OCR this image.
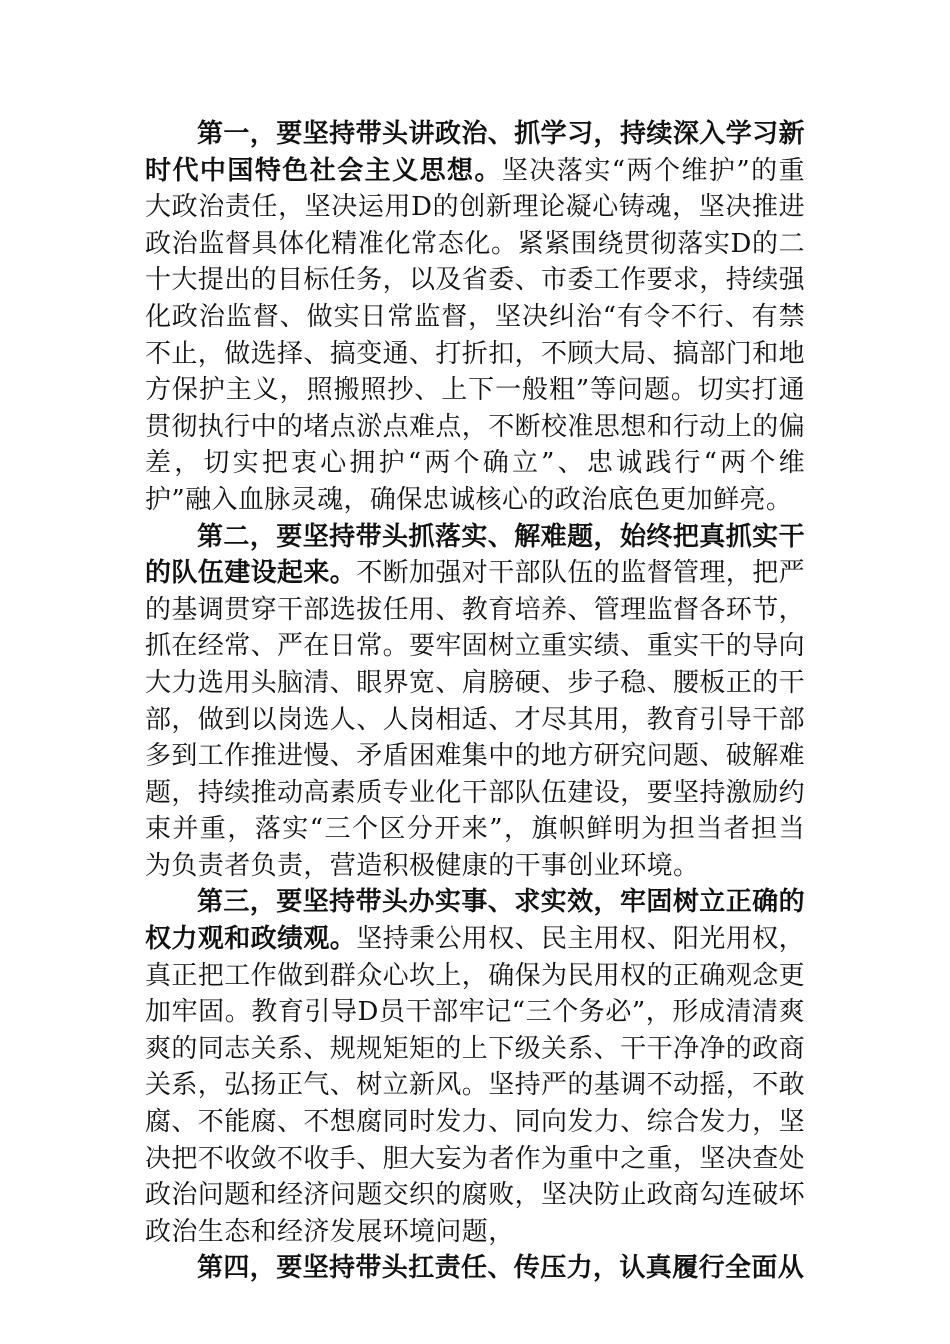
第一，要坚持带头讲政治、抓学习，持续深入学习新时代中国特色社会主义思想。坚决落实“两个维护”的重大政治责任，坚决运用D的创新理论凝心铸魂，坚决推进政治监督具体化精准化常态化。紧紧围绕贯彻落实D的二十大提出的目标任务，以及省委、市委工作要求，持续强化政治监督、做实日常监督，坚决纠治“有令不行、有禁不止，做选择、搞变通、打折扣，不顾大局、搞部门和地方保护主义，照搬照抄、上下一般粗”等问题。切实打通贯彻执行中的堵点淤点难点，不断校准思想和行动上的偏差，切实把衷心拥护“两个确立”、忠诚践行“两个维护”融入血脉灵魂，确保忠诚核心的政治底色更加鲜亮。

第二，要坚持带头抓落实、解难题，始终把真抓实干的队伍建设起来。不断加强对干部队伍的监督管理，把严的基调贯穿干部选拔任用、教育培养、管理监督各环节，抓在经常、严在日常。要牢固树立重实绩、重实干的导向大力选用头脑清、眼界宽、肩膀硬、步子稳、腰板正的干部，做到以岗选人、人岗相适、才尽其用，教育引导干部多到工作推进慢、矛盾困难集中的地方研究问题、破解难题，持续推动高素质专业化干部队伍建设，要坚持激励约束并重，落实“三个区分开来”，旗帜鲜明为担当者担当为负责者负责，营造积极健康的干事创业环境。

第三，要坚持带头办实事、求实效，牢固树立正确的权力观和政绩观。坚持秉公用权、民主用权、阳光用权，真正把工作做到群众心坎上，确保为民用权的正确观念更加牢固。教育引导D员干部牢记“三个务必”，形成清清爽爽的同志关系、规规矩矩的上下级关系、干干净净的政商关系，弘扬正气、树立新风。坚持严的基调不动摇，不敢腐、不能腐、不想腐同时发力、同向发力、综合发力，坚决把不收敛不收手、胆大妄为者作为重中之重，坚决查处政治问题和经济问题交织的腐败，坚决防止政商勾连破坏政治生态和经济发展环境问题，

第四，要坚持带头扛责任、传压力，认真履行全面从
